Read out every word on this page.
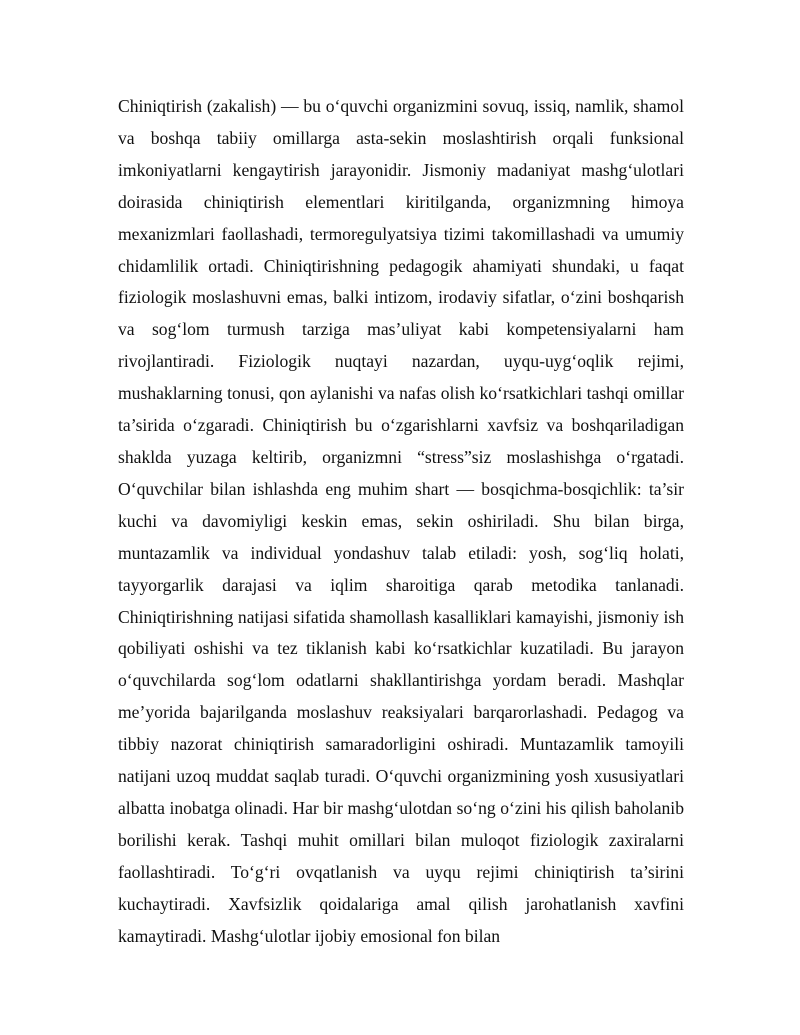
Chiniqtirish (zakalish) — bu o‘quvchi organizmini sovuq, issiq, namlik, shamol va boshqa tabiiy omillarga asta-sekin moslashtirish orqali funksional imkoniyatlarni kengaytirish jarayonidir. Jismoniy madaniyat mashg‘ulotlari doirasida chiniqtirish elementlari kiritilganda, organizmning himoya mexanizmlari faollashadi, termoregulyatsiya tizimi takomillashadi va umumiy chidamlilik ortadi. Chiniqtirishning pedagogik ahamiyati shundaki, u faqat fiziologik moslashuvni emas, balki intizom, irodaviy sifatlar, o‘zini boshqarish va sog‘lom turmush tarziga mas’uliyat kabi kompetensiyalarni ham rivojlantiradi. Fiziologik nuqtayi nazardan, uyqu-uyg‘oqlik rejimi, mushaklarning tonusi, qon aylanishi va nafas olish ko‘rsatkichlari tashqi omillar ta’sirida o‘zgaradi. Chiniqtirish bu o‘zgarishlarni xavfsiz va boshqariladigan shaklda yuzaga keltirib, organizmni “stress”siz moslashishga o‘rgatadi. O‘quvchilar bilan ishlashda eng muhim shart — bosqichma-bosqichlik: ta’sir kuchi va davomiyligi keskin emas, sekin oshiriladi. Shu bilan birga, muntazamlik va individual yondashuv talab etiladi: yosh, sog‘liq holati, tayyorgarlik darajasi va iqlim sharoitiga qarab metodika tanlanadi. Chiniqtirishning natijasi sifatida shamollash kasalliklari kamayishi, jismoniy ish qobiliyati oshishi va tez tiklanish kabi ko‘rsatkichlar kuzatiladi. Bu jarayon o‘quvchilarda sog‘lom odatlarni shakllantirishga yordam beradi. Mashqlar me’yorida bajarilganda moslashuv reaksiyalari barqarorlashadi. Pedagog va tibbiy nazorat chiniqtirish samaradorligini oshiradi. Muntazamlik tamoyili natijani uzoq muddat saqlab turadi. O‘quvchi organizmining yosh xususiyatlari albatta inobatga olinadi. Har bir mashg‘ulotdan so‘ng o‘zini his qilish baholanib borilishi kerak. Tashqi muhit omillari bilan muloqot fiziologik zaxiralarni faollashtiradi. To‘g‘ri ovqatlanish va uyqu rejimi chiniqtirish ta’sirini kuchaytiradi. Xavfsizlik qoidalariga amal qilish jarohatlanish xavfini kamaytiradi. Mashg‘ulotlar ijobiy emosional fon bilan
